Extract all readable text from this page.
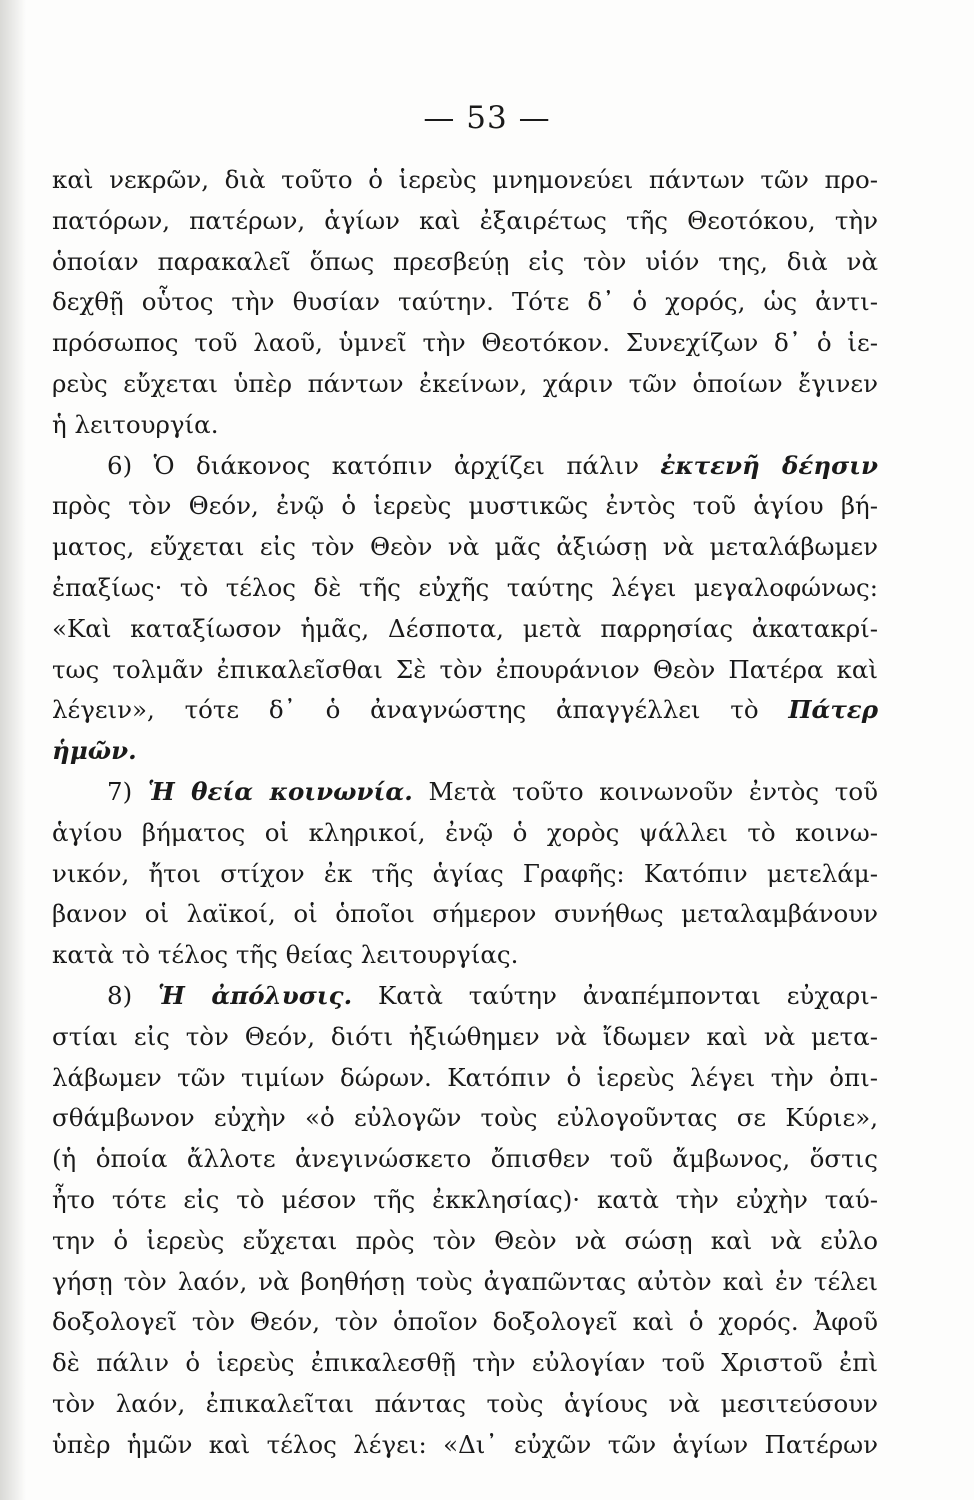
— 53 —
καὶ νεκρῶν, διὰ τοῦτο ὁ ἱερεὺς μνημονεύει πάντων τῶν προ-
πατόρων, πατέρων, ἁγίων καὶ ἐξαιρέτως τῆς Θεοτόκου, τὴν
ὁποίαν παρακαλεῖ ὅπως πρεσβεύῃ εἰς τὸν υἱόν της, διὰ νὰ
δεχθῇ οὗτος τὴν θυσίαν ταύτην. Τότε δ᾽ ὁ χορός, ὡς ἀντι-
πρόσωπος τοῦ λαοῦ, ὑμνεῖ τὴν Θεοτόκον. Συνεχίζων δ᾽ ὁ ἱε-
ρεὺς εὔχεται ὑπὲρ πάντων ἐκείνων, χάριν τῶν ὁποίων ἔγινεν
ἡ λειτουργία.
6) Ὁ διάκονος κατόπιν ἀρχίζει πάλιν ἐκτενῆ δέησιν
πρὸς τὸν Θεόν, ἐνῷ ὁ ἱερεὺς μυστικῶς ἐντὸς τοῦ ἁγίου βή-
ματος, εὔχεται εἰς τὸν Θεὸν νὰ μᾶς ἀξιώσῃ νὰ μεταλάβωμεν
ἐπαξίως· τὸ τέλος δὲ τῆς εὐχῆς ταύτης λέγει μεγαλοφώνως:
«Καὶ καταξίωσον ἡμᾶς, Δέσποτα, μετὰ παρρησίας ἀκατακρί-
τως τολμᾶν ἐπικαλεῖσθαι Σὲ τὸν ἐπουράνιον Θεὸν Πατέρα καὶ
λέγειν», τότε δ᾽ ὁ ἀναγνώστης ἀπαγγέλλει τὸ Πάτερ
ἡμῶν.
7) Ἡ θεία κοινωνία. Μετὰ τοῦτο κοινωνοῦν ἐντὸς τοῦ
ἁγίου βήματος οἱ κληρικοί, ἐνῷ ὁ χορὸς ψάλλει τὸ κοινω-
νικόν, ἤτοι στίχον ἐκ τῆς ἁγίας Γραφῆς: Κατόπιν μετελάμ-
βανον οἱ λαϊκοί, οἱ ὁποῖοι σήμερον συνήθως μεταλαμβάνουν
κατὰ τὸ τέλος τῆς θείας λειτουργίας.
8) Ἡ ἀπόλυσις. Κατὰ ταύτην ἀναπέμπονται εὐχαρι-
στίαι εἰς τὸν Θεόν, διότι ἠξιώθημεν νὰ ἴδωμεν καὶ νὰ μετα-
λάβωμεν τῶν τιμίων δώρων. Κατόπιν ὁ ἱερεὺς λέγει τὴν ὀπι-
σθάμβωνον εὐχὴν «ὁ εὐλογῶν τοὺς εὐλογοῦντας σε Κύριε»,
(ἡ ὁποία ἄλλοτε ἀνεγινώσκετο ὄπισθεν τοῦ ἄμβωνος, ὅστις
ἦτο τότε εἰς τὸ μέσον τῆς ἐκκλησίας)· κατὰ τὴν εὐχὴν ταύ-
την ὁ ἱερεὺς εὔχεται πρὸς τὸν Θεὸν νὰ σώσῃ καὶ νὰ εὐλο
γήσῃ τὸν λαόν, νὰ βοηθήσῃ τοὺς ἀγαπῶντας αὐτὸν καὶ ἐν τέλει
δοξολογεῖ τὸν Θεόν, τὸν ὁποῖον δοξολογεῖ καὶ ὁ χορός. Ἀφοῦ
δὲ πάλιν ὁ ἱερεὺς ἐπικαλεσθῇ τὴν εὐλογίαν τοῦ Χριστοῦ ἐπὶ
τὸν λαόν, ἐπικαλεῖται πάντας τοὺς ἁγίους νὰ μεσιτεύσουν
ὑπὲρ ἡμῶν καὶ τέλος λέγει: «Δι᾽ εὐχῶν τῶν ἁγίων Πατέρων
